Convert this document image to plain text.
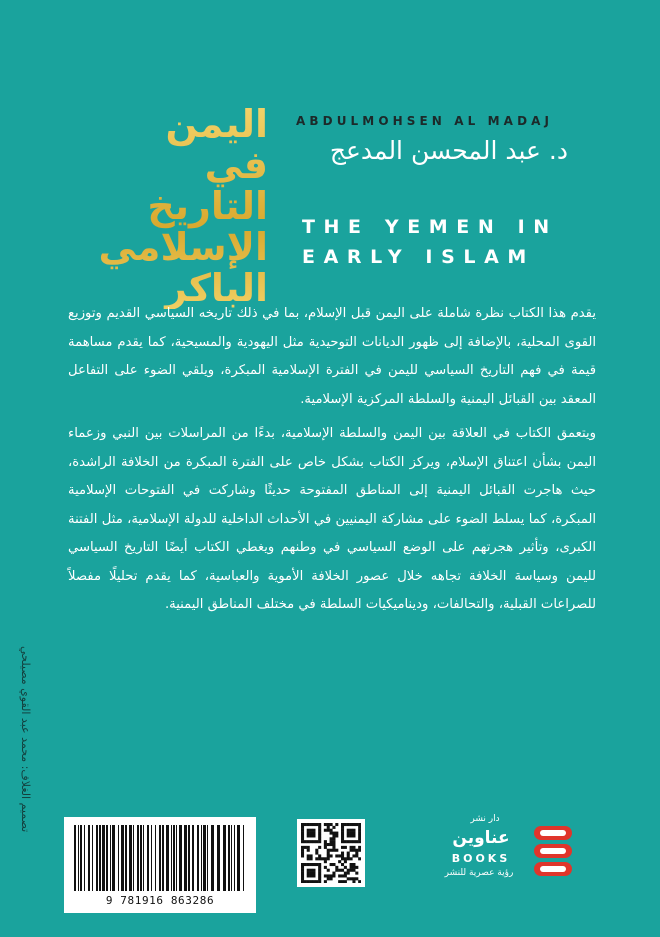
اليمن
في
التاريخ
الإسلامي
الباكر
ABDULMOHSEN AL MADAJ
د. عبد المحسن المدعج
THE YEMEN IN
EARLY ISLAM

يقدم هذا الكتاب نظرة شاملة على اليمن قبل الإسلام، بما في ذلك تاريخه السياسي القديم وتوزيع القوى المحلية، بالإضافة إلى ظهور الديانات التوحيدية مثل اليهودية والمسيحية، كما يقدم مساهمة قيمة في فهم التاريخ السياسي لليمن في الفترة الإسلامية المبكرة، ويلقي الضوء على التفاعل المعقد بين القبائل اليمنية والسلطة المركزية الإسلامية.

ويتعمق الكتاب في العلاقة بين اليمن والسلطة الإسلامية، بدءًا من المراسلات بين النبي وزعماء اليمن بشأن اعتناق الإسلام، ويركز الكتاب بشكل خاص على الفترة المبكرة من الخلافة الراشدة، حيث هاجرت القبائل اليمنية إلى المناطق المفتوحة حديثًا وشاركت في الفتوحات الإسلامية المبكرة، كما يسلط الضوء على مشاركة اليمنيين في الأحداث الداخلية للدولة الإسلامية، مثل الفتنة الكبرى، وتأثير هجرتهم على الوضع السياسي في وطنهم ويغطي الكتاب أيضًا التاريخ السياسي لليمن وسياسة الخلافة تجاهه خلال عصور الخلافة الأموية والعباسية، كما يقدم تحليلًا مفصلاً للصراعات القبلية، والتحالفات، وديناميكيات السلطة في مختلف المناطق اليمنية.

تصميم الغلاف: محمد عبد القوي مصيلحي
9 781916 863286
دار نشر
عناوين
BOOKS
رؤية عصرية للنشر
